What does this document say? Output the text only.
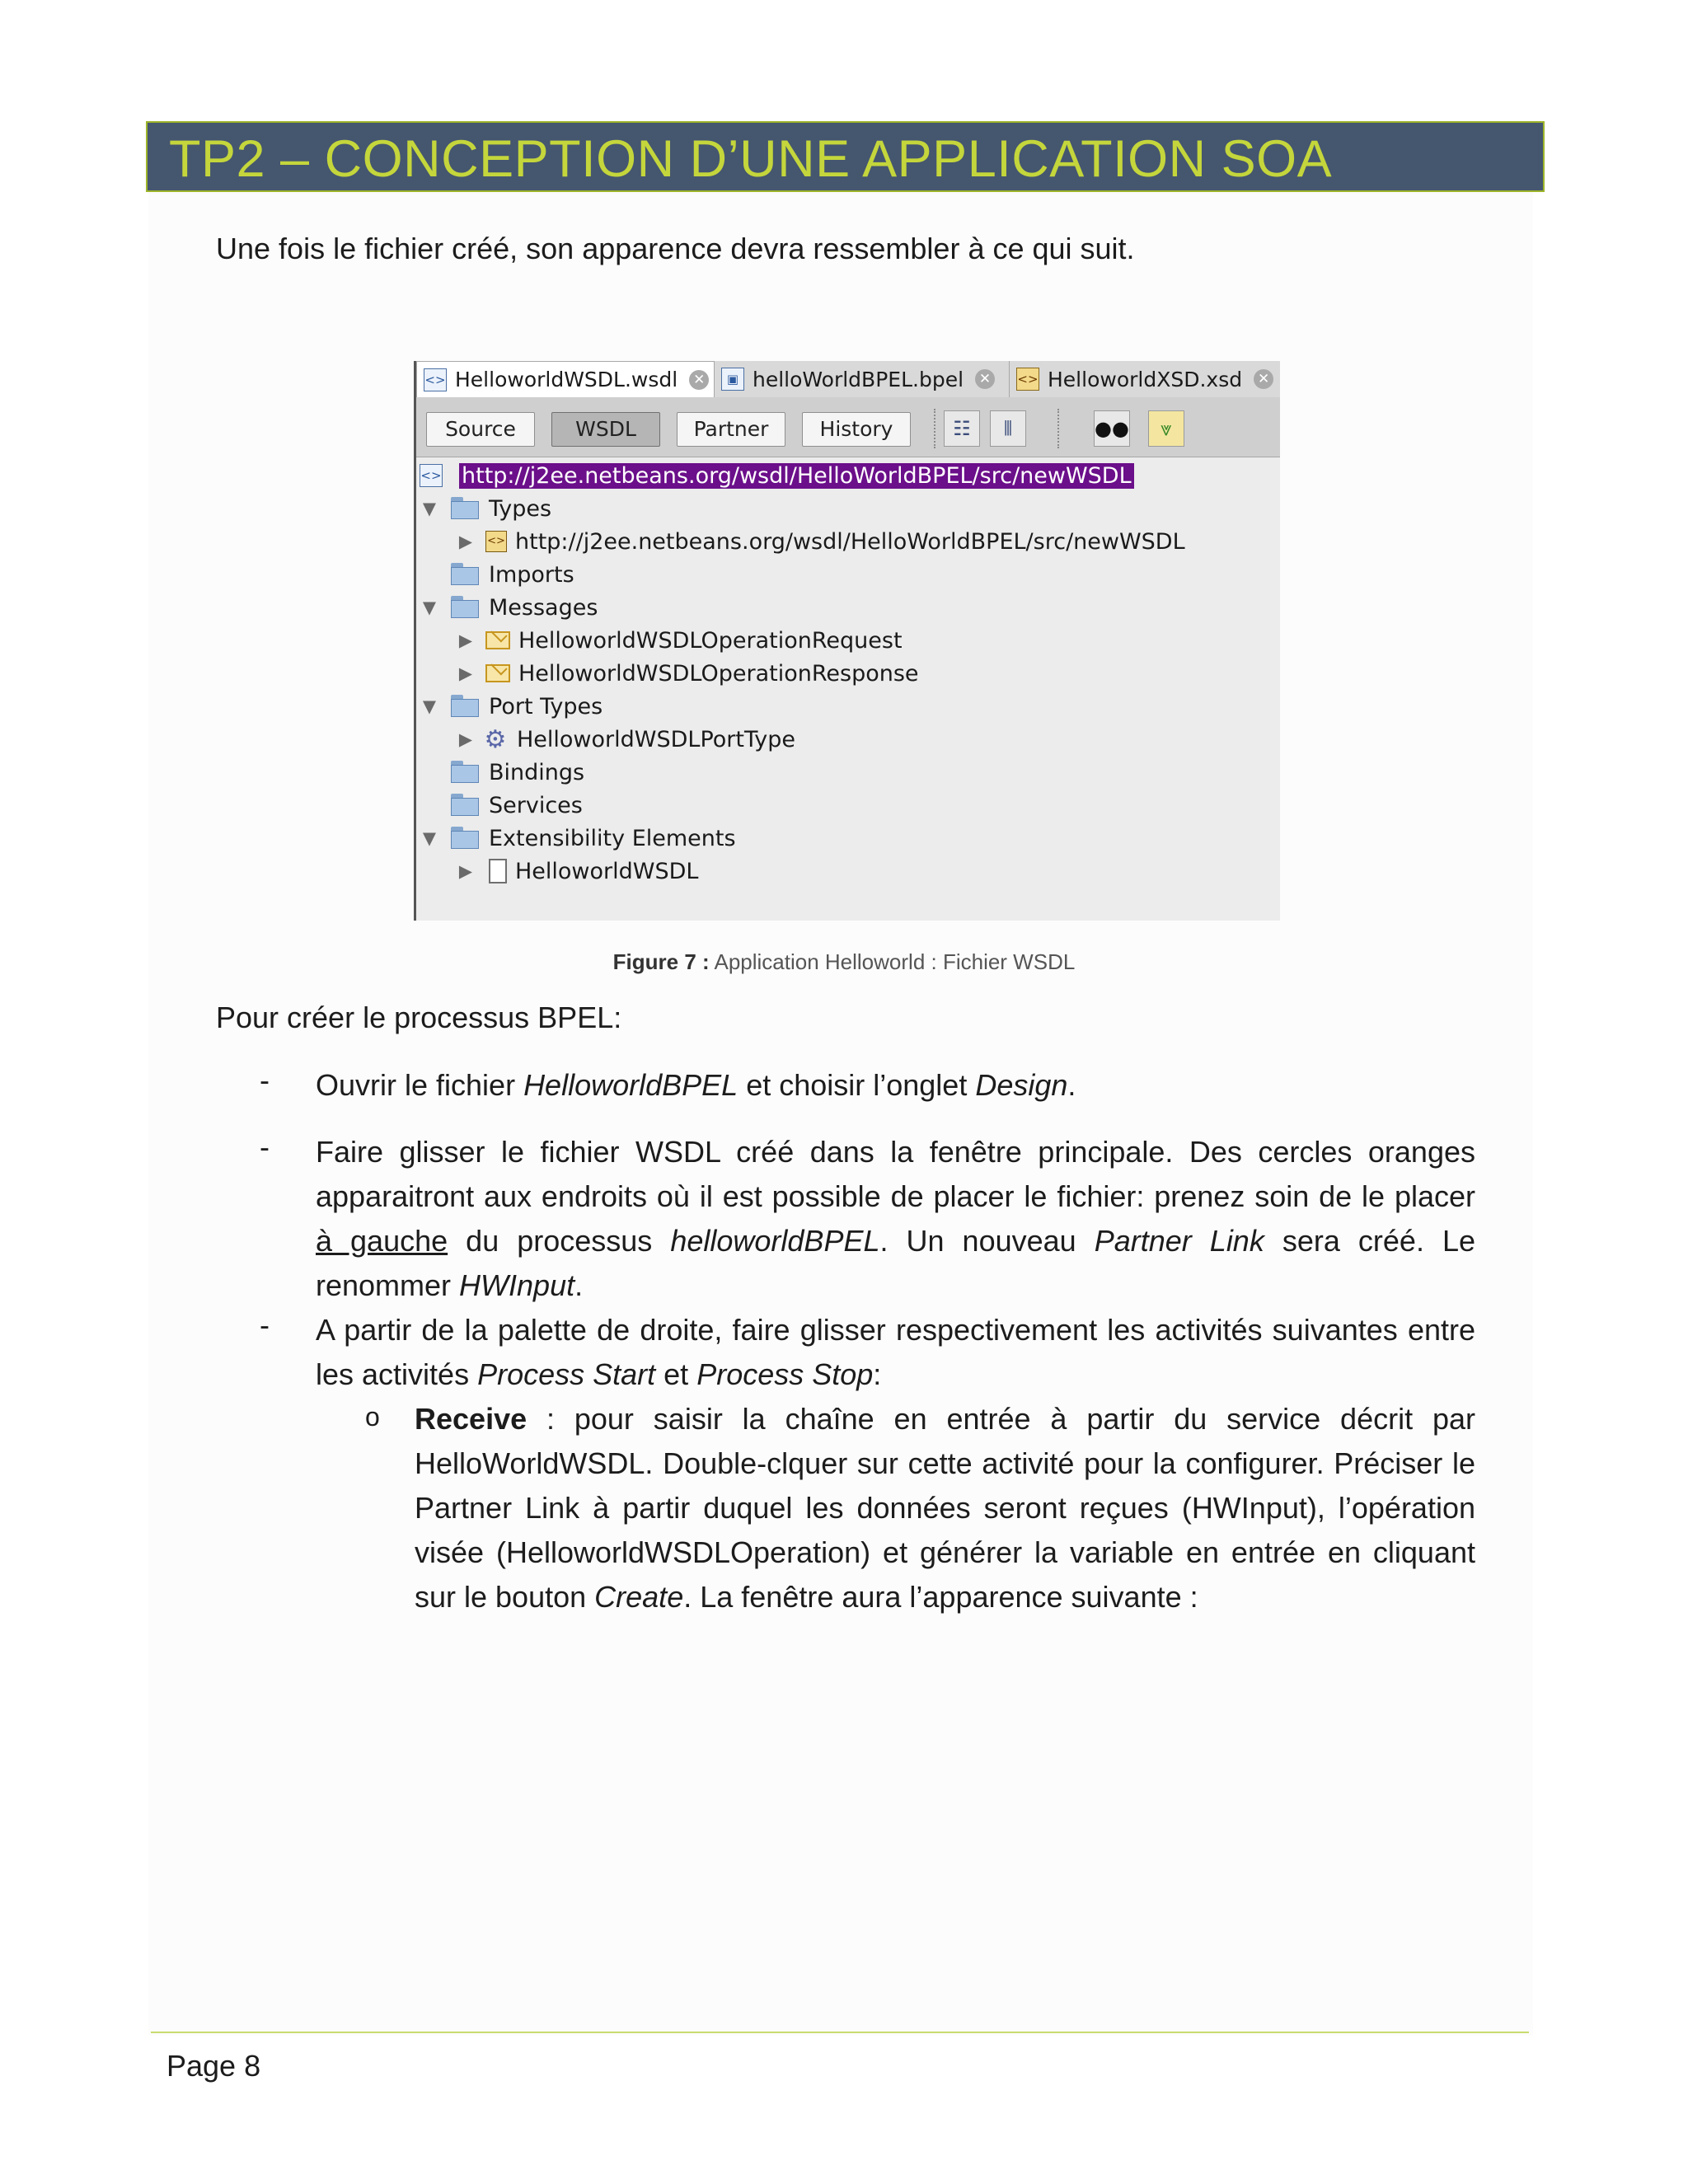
TP2 – CONCEPTION D’UNE APPLICATION SOA
Une fois le fichier créé, son apparence devra ressembler à ce qui suit.
<> HelloworldWSDL.wsdl ✕	▣ helloWorldBPEL.bpel ✕	<> HelloworldXSD.xsd ✕
Source	WSDL	Partner	History	☷	⦀	●●	⩔
<> http://j2ee.netbeans.org/wsdl/HelloWorldBPEL/src/newWSDL
▼ Types
▶	<> http://j2ee.netbeans.org/wsdl/HelloWorldBPEL/src/newWSDL
Imports
▼ Messages
▶ HelloworldWSDLOperationRequest
▶ HelloworldWSDLOperationResponse
▼ Port Types
▶ ⚙ HelloworldWSDLPortType
Bindings
Services
▼ Extensibility Elements
▶ HelloworldWSDL
Figure 7 : Application Helloworld : Fichier WSDL
Pour créer le processus BPEL:
- Ouvrir le fichier HelloworldBPEL et choisir l’onglet Design.
- Faire glisser le fichier WSDL créé dans la fenêtre principale. Des cercles oranges apparaitront aux endroits où il est possible de placer le fichier: prenez soin de le placer à gauche du processus helloworldBPEL. Un nouveau Partner Link sera créé. Le renommer HWInput.
- A partir de la palette de droite, faire glisser respectivement les activités suivantes entre les activités Process Start et Process Stop:
o Receive : pour saisir la chaîne en entrée à partir du service décrit par HelloWorldWSDL. Double-clquer sur cette activité pour la configurer. Préciser le Partner Link à partir duquel les données seront reçues (HWInput), l’opération visée (HelloworldWSDLOperation) et générer la variable en entrée en cliquant sur le bouton Create. La fenêtre aura l’apparence suivante :
Page 8
